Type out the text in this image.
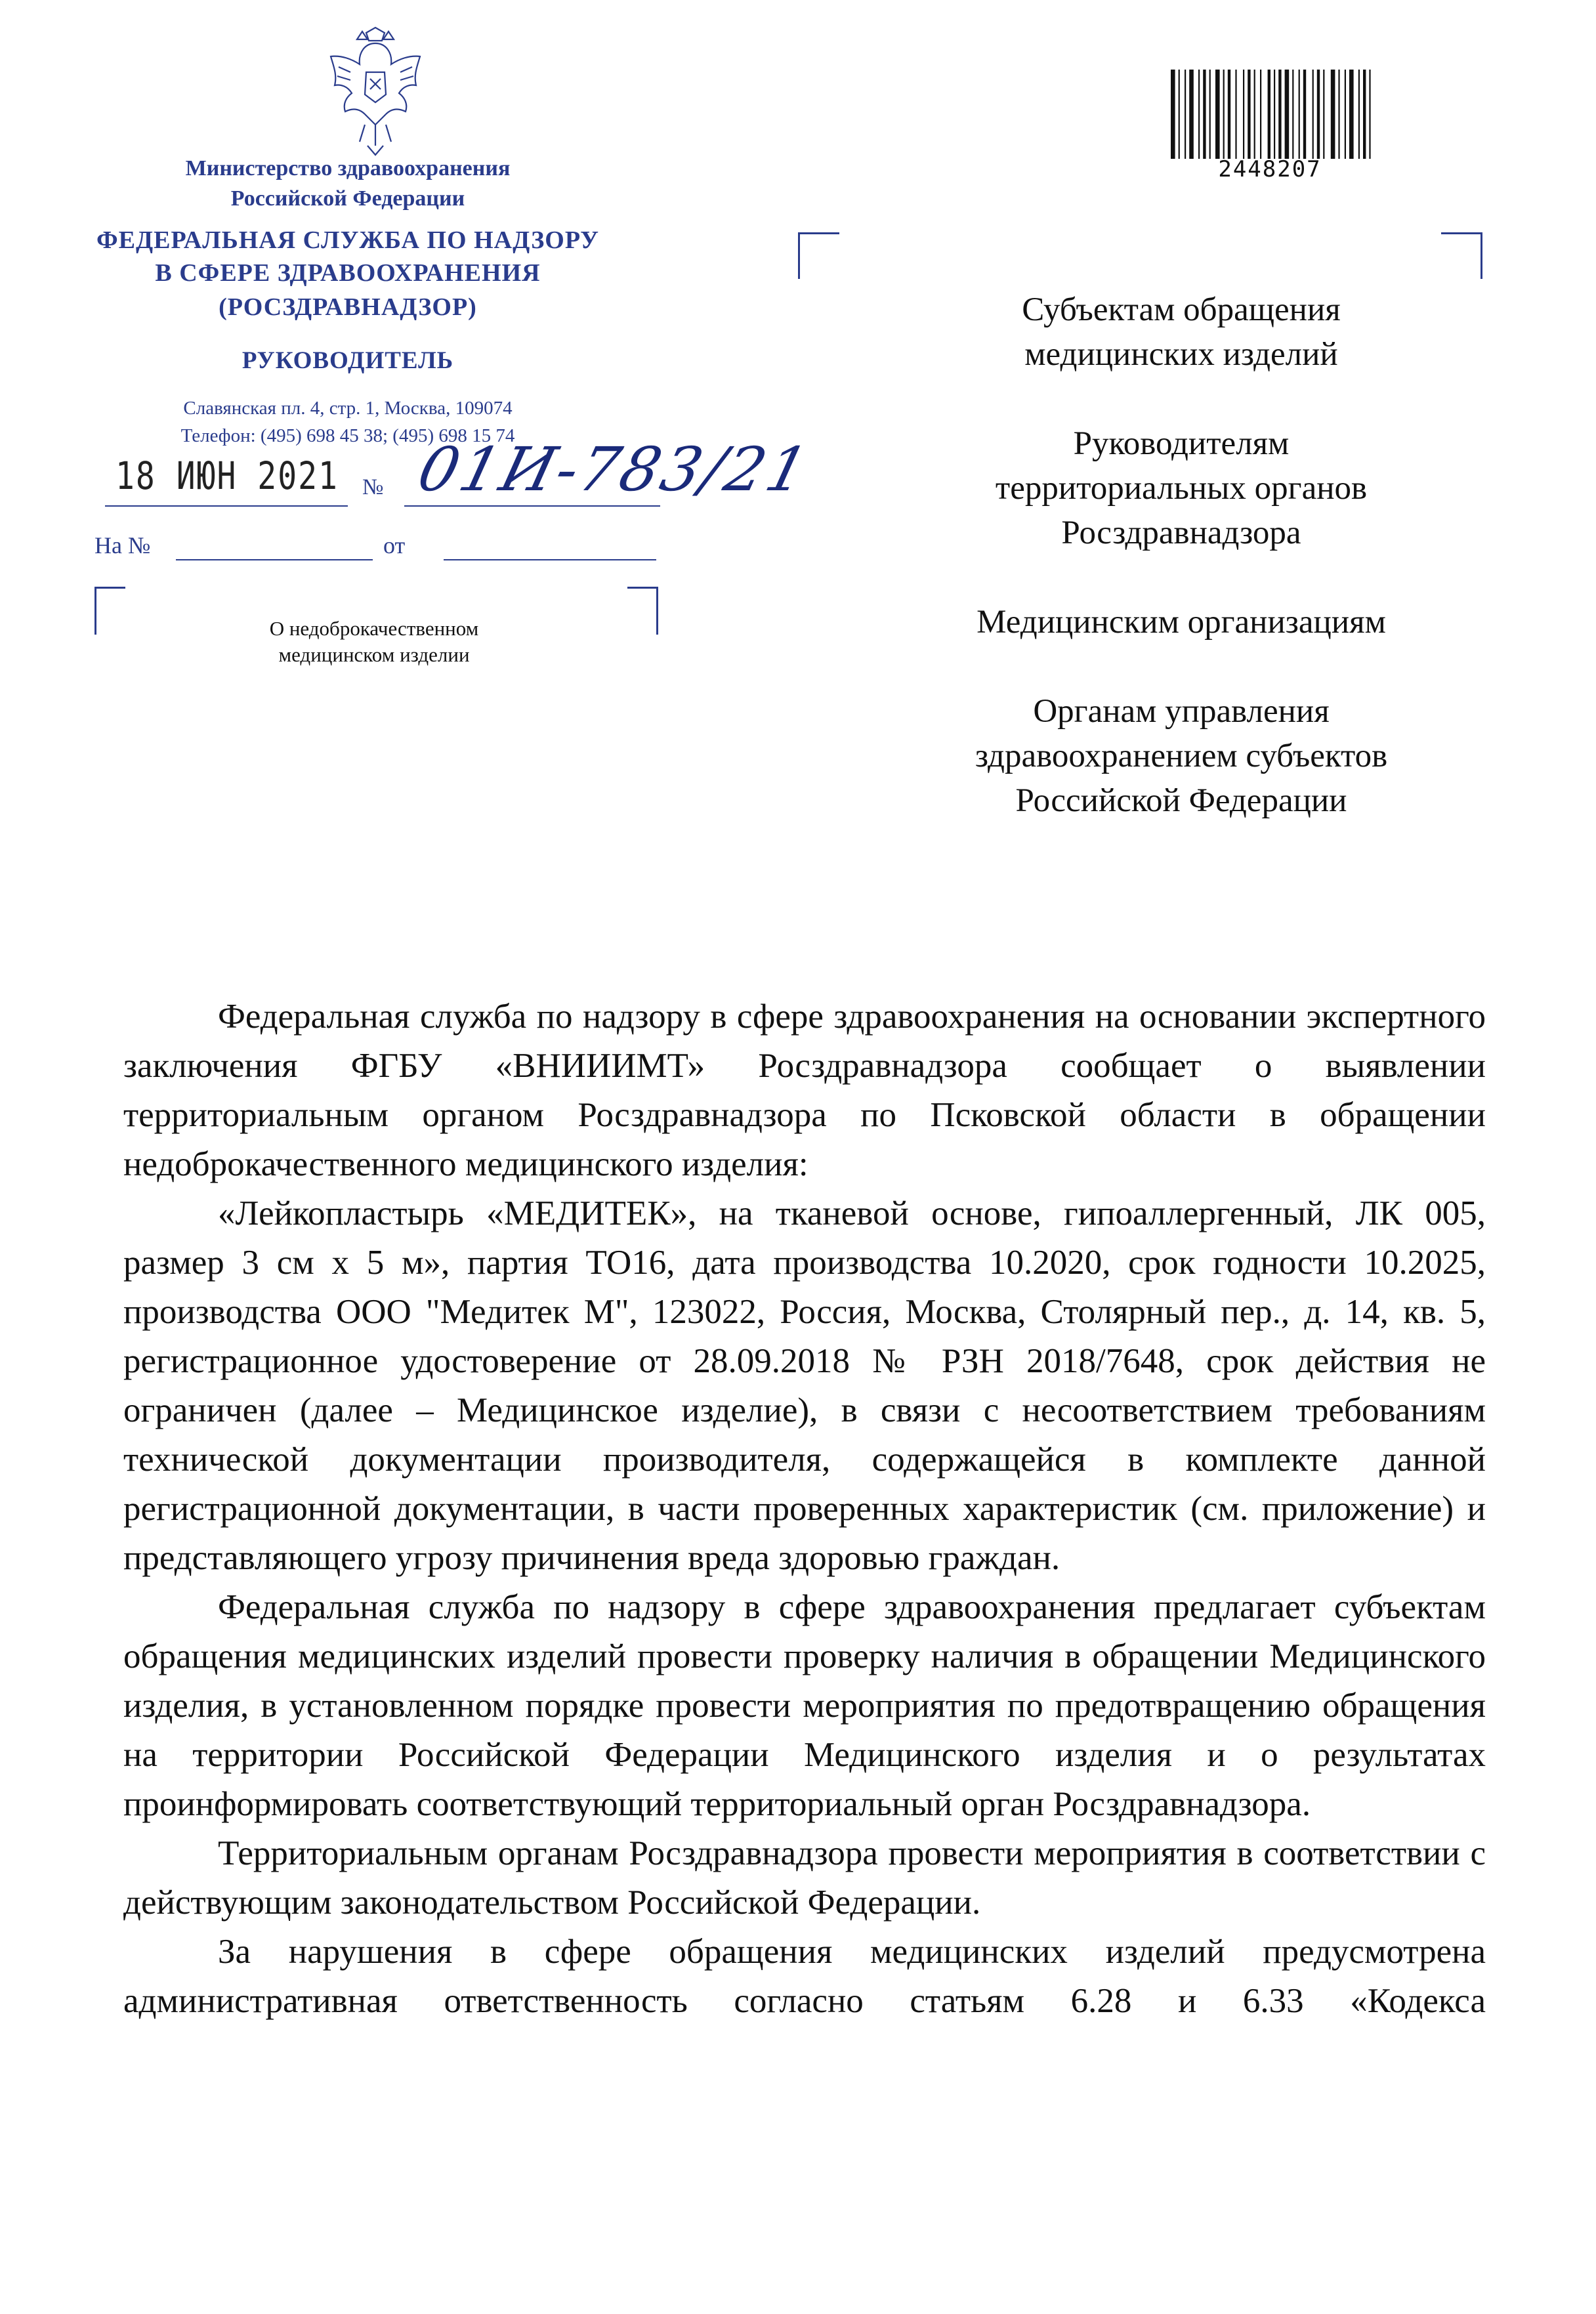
Министерство здравоохранения
Российской Федерации
ФЕДЕРАЛЬНАЯ СЛУЖБА ПО НАДЗОРУ
В СФЕРЕ ЗДРАВООХРАНЕНИЯ
(РОСЗДРАВНАДЗОР)
РУКОВОДИТЕЛЬ
Славянская пл. 4, стр. 1, Москва, 109074
Телефон: (495) 698 45 38; (495) 698 15 74
18 ИЮН 2021 № 01И-783/21
На №	от
О недоброкачественном
медицинском изделии
2448207
Субъектам обращения
медицинских изделий
Руководителям
территориальных органов
Росздравнадзора
Медицинским организациям
Органам управления
здравоохранением субъектов
Российской Федерации

Федеральная служба по надзору в сфере здравоохранения на основании экспертного заключения ФГБУ «ВНИИИМТ» Росздравнадзора сообщает о выявлении территориальным органом Росздравнадзора по Псковской области в обращении недоброкачественного медицинского изделия:

«Лейкопластырь «МЕДИТЕК», на тканевой основе, гипоаллергенный, ЛК 005, размер 3 см х 5 м», партия ТО16, дата производства 10.2020, срок годности 10.2025, производства ООО "Медитек М", 123022, Россия, Москва, Столярный пер., д. 14, кв. 5, регистрационное удостоверение от 28.09.2018 № РЗН 2018/7648, срок действия не ограничен (далее – Медицинское изделие), в связи с несоответствием требованиям технической документации производителя, содержащейся в комплекте данной регистрационной документации, в части проверенных характеристик (см. приложение) и представляющего угрозу причинения вреда здоровью граждан.

Федеральная служба по надзору в сфере здравоохранения предлагает субъектам обращения медицинских изделий провести проверку наличия в обращении Медицинского изделия, в установленном порядке провести мероприятия по предотвращению обращения на территории Российской Федерации Медицинского изделия и о результатах проинформировать соответствующий территориальный орган Росздравнадзора.

Территориальным органам Росздравнадзора провести мероприятия в соответствии с действующим законодательством Российской Федерации.

За нарушения в сфере обращения медицинских изделий предусмотрена административная ответственность согласно статьям 6.28 и 6.33 «Кодекса
